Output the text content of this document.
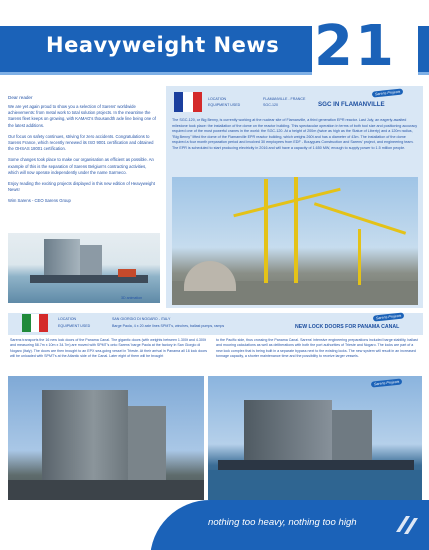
Heavyweight News 21
Dear reader

We are yet again proud to show you a selection of Sarens' worldwide achievements: from metal work to total solution projects. In the meantime the Sarens fleet keeps on growing, with KAMAG's thousandth axle line being one of the latest additions.

Our focus on safety continues, striving for zero accidents. Congratulations to Sarens France, which recently renewed its ISO 9001 certification and obtained the OHSAS 18001 certification.

Some changes took place to make our organisation as efficient as possible. An example of this is the separation of Sarens Belgium's contracting activities, which will now operate independently under the name Sarmeco.

Enjoy reading the exciting projects displayed in this new edition of Heavyweight News!

Wim Sarens - CEO Sarens Group

3D animation
LOCATION	FLAMANVILLE - FRANCE
EQUIPMENT USED	SGC-120	SGC IN FLAMANVILLE
Sarens Projects
The SGC-120, or Big Benny, is currently working at the nuclear site of Flamanville, a third generation EPR reactor. Last July, an eagerly-awaited milestone took place: the installation of the dome on the reactor building. This spectacular operation in terms of both tool size and positioning accuracy required one of the most powerful cranes in the world: the SGC-120. At a height of 200m (twice as high as the Statue of Liberty) and a 120m radius, "Big Benny" lifted the dome of the Flamanville EPR reactor building, which weighs 260t and has a diameter of 43m. The installation of the dome required a four month preparation period and involved 30 employees from EDF - Bouygues Construction and Sarens' project, and engineering team. The EPR is scheduled to start producing electricity in 2016 and will have a capacity of 1.650 MW, enough to supply power to 1.5 million people.
LOCATION	SAN GIORGIO DI NOGARO - ITALY
EQUIPMENT USED	Barge Paola, 4 x 20 axle lines SPMT's, winches, ballast pumps, ramps	NEW LOCK DOORS FOR PANAMA CANAL
Sarens Projects
Sarens transports the 16 new lock doors of the Panama Canal. The gigantic doors (with weights between 1.300t and 4.300t and measuring 58.7m x 10m x 34.7m) are moved with SPMT's onto Sarens' barge Paola at the factory in San Giorgio di Nogaro (Italy). The doors are then brought to an EPX sea-going vessel in Trieste. At their arrival in Panama all 16 lock doors will be unloaded with SPMT's at the Atlantic side of the Canal. Later eight of them will be brought
to the Pacific side, thus crossing the Panama Canal. Sarens' intensive engineering preparations included barge stability, ballast and mooring calculations as well as deliberations with both the port authorities of Trieste and Nogaro. The locks are part of a new lock complex that is being built in a separate bypass next to the existing locks. The new system will result in an increased tonnage capacity, a shorter maintenance time and the possibility to receive larger vessels.
Sarens Projects
nothing too heavy, nothing too high
